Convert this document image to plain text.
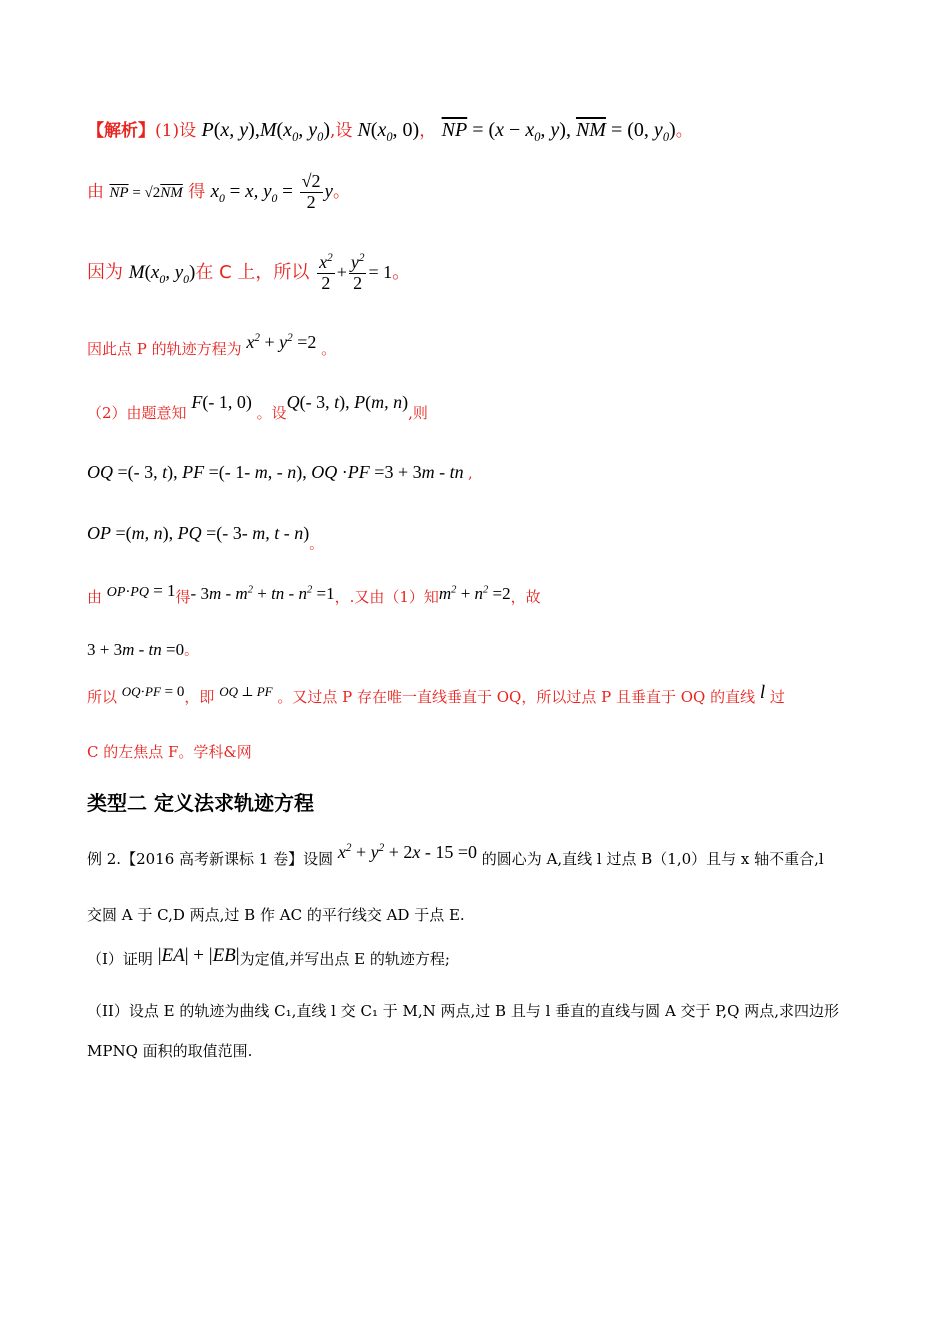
【解析】(1)设 P(x, $y),M(x_0$, $y_0$),设 $N(x_0$, 0)， $\overline{NP} = (x - x_0$, y), $\overline{NM} = (0$, $y_0$)。
由 $\overline{NP} = √2\overline{NM}$ 得 $x_0 = x$, $y_0 = \frac{√2}{2}$ y。
因为 $M(x_0$, $y_0$)在 C 上，所以 $\frac{x^2}{2} + \frac{y^2}{2} = 1$。
因此点 P 的轨迹方程为 $x^2 + y^2 =2$ 。
（2）由题意知 F(- 1, 0) 。设Q(- 3, t), P(m, n),则
OQ =(- 3, t), PF =(- 1- m, - n), OQ ·PF =3 + 3m - tn ,
OP =(m, n), PQ =(- 3- m, t - $n)_。$
由 OP⋅PQ = 1得- $3m - m^2$ + tn - $n^2 =1$，.又由（1）知$m^2 + n^2 =2$，故
3 + 3m - tn =0。
所以 OQ⋅PF = 0，即 OQ ⊥ PF 。又过点 P 存在唯一直线垂直于 OQ，所以过点 P 且垂直于 OQ 的直线 l 过
C 的左焦点 F。学科&网
类型二 定义法求轨迹方程
例 2.【2016 高考新课标 1 卷】设圆 $x^2 + y^2 + 2x - 15 =0$ 的圆心为 A,直线 l 过点 B（1,0）且与 x 轴不重合,l
交圆 A 于 C,D 两点,过 B 作 AC 的平行线交 AD 于点 E.
（I）证明 |EA| + |EB|为定值,并写出点 E 的轨迹方程;
（II）设点 E 的轨迹为曲线 C₁,直线 l 交 C₁ 于 M,N 两点,过 B 且与 l 垂直的直线与圆 A 交于 P,Q 两点,求四边形
MPNQ 面积的取值范围.
